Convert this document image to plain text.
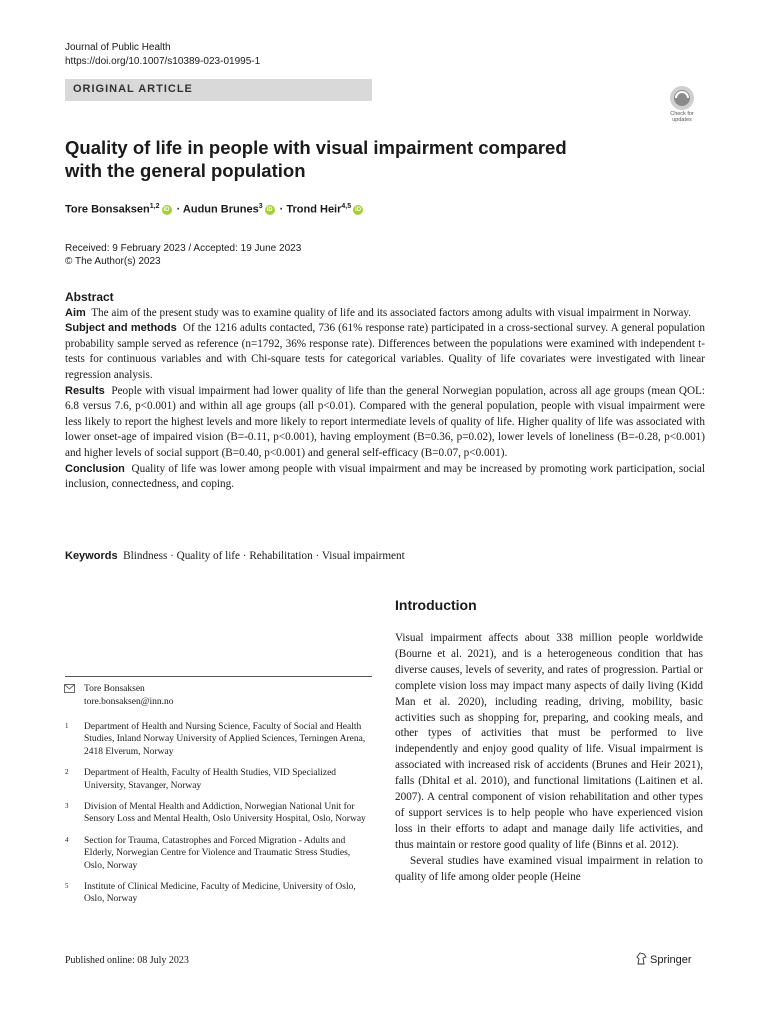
Journal of Public Health
https://doi.org/10.1007/s10389-023-01995-1
ORIGINAL ARTICLE
Check for updates
Quality of life in people with visual impairment compared
with the general population
Tore Bonsaksen$^{1,2}$ iD · Audun Brunes$^3$ iD · Trond Heir$^{4,5}$ iD
Received: 9 February 2023 / Accepted: 19 June 2023
© The Author(s) 2023
Abstract

Aim The aim of the present study was to examine quality of life and its associated factors among adults with visual impairment in Norway.

Subject and methods Of the 1216 adults contacted, 736 (61% response rate) participated in a cross-sectional survey. A general population probability sample served as reference (n=1792, 36% response rate). Differences between the populations were examined with independent t-tests for continuous variables and with Chi-square tests for categorical variables. Quality of life covariates were investigated with linear regression analysis.

Results People with visual impairment had lower quality of life than the general Norwegian population, across all age groups (mean QOL: 6.8 versus 7.6, p<0.001) and within all age groups (all p<0.01). Compared with the general population, people with visual impairment were less likely to report the highest levels and more likely to report intermediate levels of quality of life. Higher quality of life was associated with lower onset-age of impaired vision (B=-0.11, p<0.001), having employment (B=0.36, p=0.02), lower levels of loneliness (B=-0.28, p<0.001) and higher levels of social support (B=0.40, p<0.001) and general self-efficacy (B=0.07, p<0.001).

Conclusion Quality of life was lower among people with visual impairment and may be increased by promoting work participation, social inclusion, connectedness, and coping.

Keywords Blindness · Quality of life · Rehabilitation · Visual impairment
Introduction

Visual impairment affects about 338 million people worldwide (Bourne et al. 2021), and is a heterogeneous condition that has diverse causes, levels of severity, and rates of progression. Partial or complete vision loss may impact many aspects of daily living (Kidd Man et al. 2020), including reading, driving, mobility, basic activities such as shopping for, preparing, and cooking meals, and other types of activities that must be performed to live independently and enjoy good quality of life. Visual impairment is associated with increased risk of accidents (Brunes and Heir 2021), falls (Dhital et al. 2010), and functional limitations (Laitinen et al. 2007). A central component of vision rehabilitation and other types of support services is to help people who have experienced vision loss in their efforts to adapt and manage daily life activities, and thus maintain or restore good quality of life (Binns et al. 2012).

Several studies have examined visual impairment in relation to quality of life among older people (Heine

Tore Bonsaksen
tore.bonsaksen@inn.no
1 Department of Health and Nursing Science, Faculty of Social and Health Studies, Inland Norway University of Applied Sciences, Terningen Arena, 2418 Elverum, Norway
2 Department of Health, Faculty of Health Studies, VID Specialized University, Stavanger, Norway
3 Division of Mental Health and Addiction, Norwegian National Unit for Sensory Loss and Mental Health, Oslo University Hospital, Oslo, Norway
4 Section for Trauma, Catastrophes and Forced Migration - Adults and Elderly, Norwegian Centre for Violence and Traumatic Stress Studies, Oslo, Norway
5 Institute of Clinical Medicine, Faculty of Medicine, University of Oslo, Oslo, Norway
Published online: 08 July 2023	Springer
